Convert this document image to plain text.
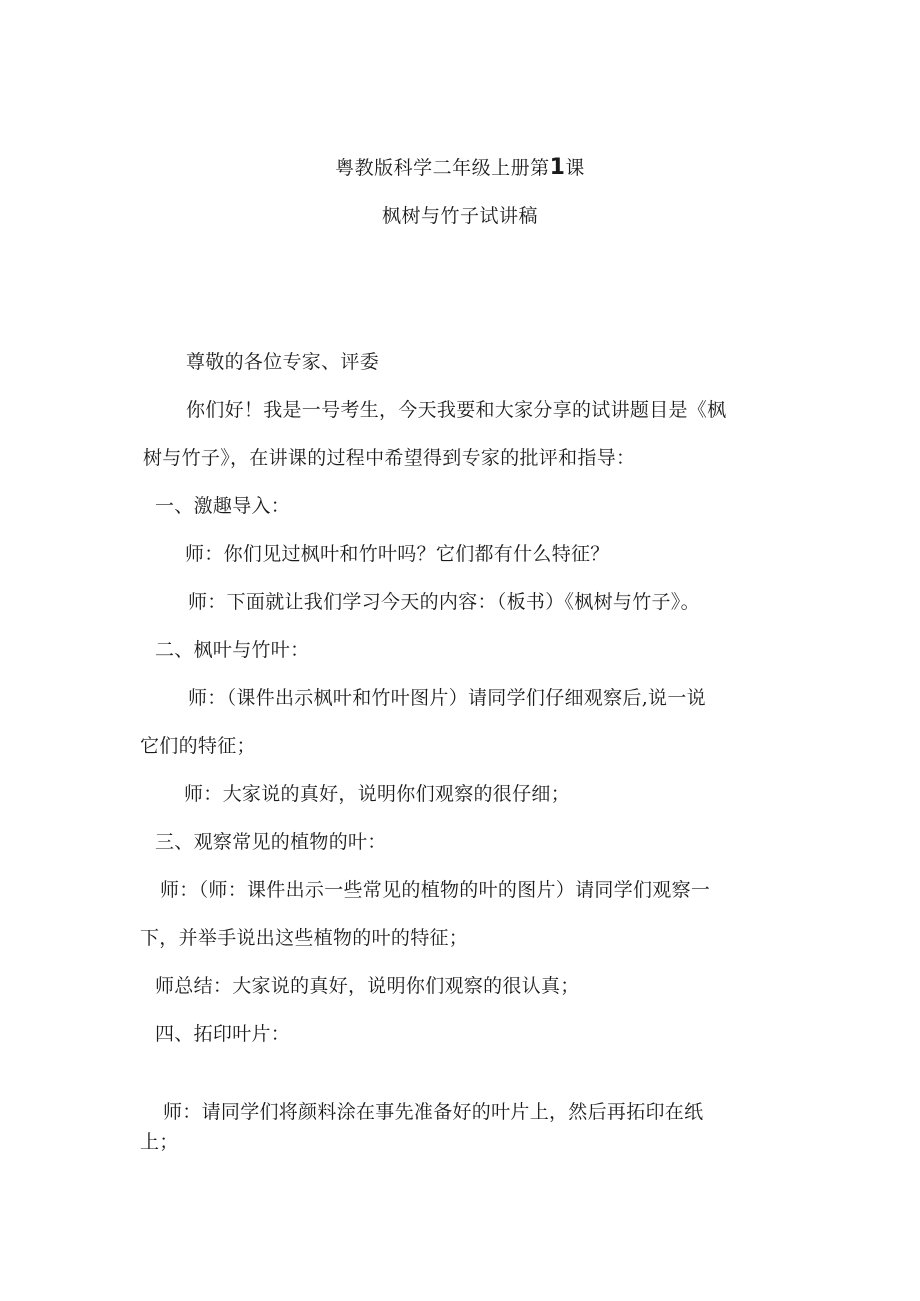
粤教版科学二年级上册第1课
枫树与竹子试讲稿
尊敬的各位专家、评委
你们好！我是一号考生，今天我要和大家分享的试讲题目是《枫
树与竹子》，在讲课的过程中希望得到专家的批评和指导：
一、激趣导入：
师：你们见过枫叶和竹叶吗？它们都有什么特征？
师：下面就让我们学习今天的内容：（板书）《枫树与竹子》。
二、枫叶与竹叶：
师：（课件出示枫叶和竹叶图片）请同学们仔细观察后,说一说
它们的特征；
师：大家说的真好，说明你们观察的很仔细；
三、观察常见的植物的叶：
师：（师：课件出示一些常见的植物的叶的图片）请同学们观察一
下，并举手说出这些植物的叶的特征；
师总结：大家说的真好，说明你们观察的很认真；
四、拓印叶片：
师：请同学们将颜料涂在事先准备好的叶片上，然后再拓印在纸
上；
